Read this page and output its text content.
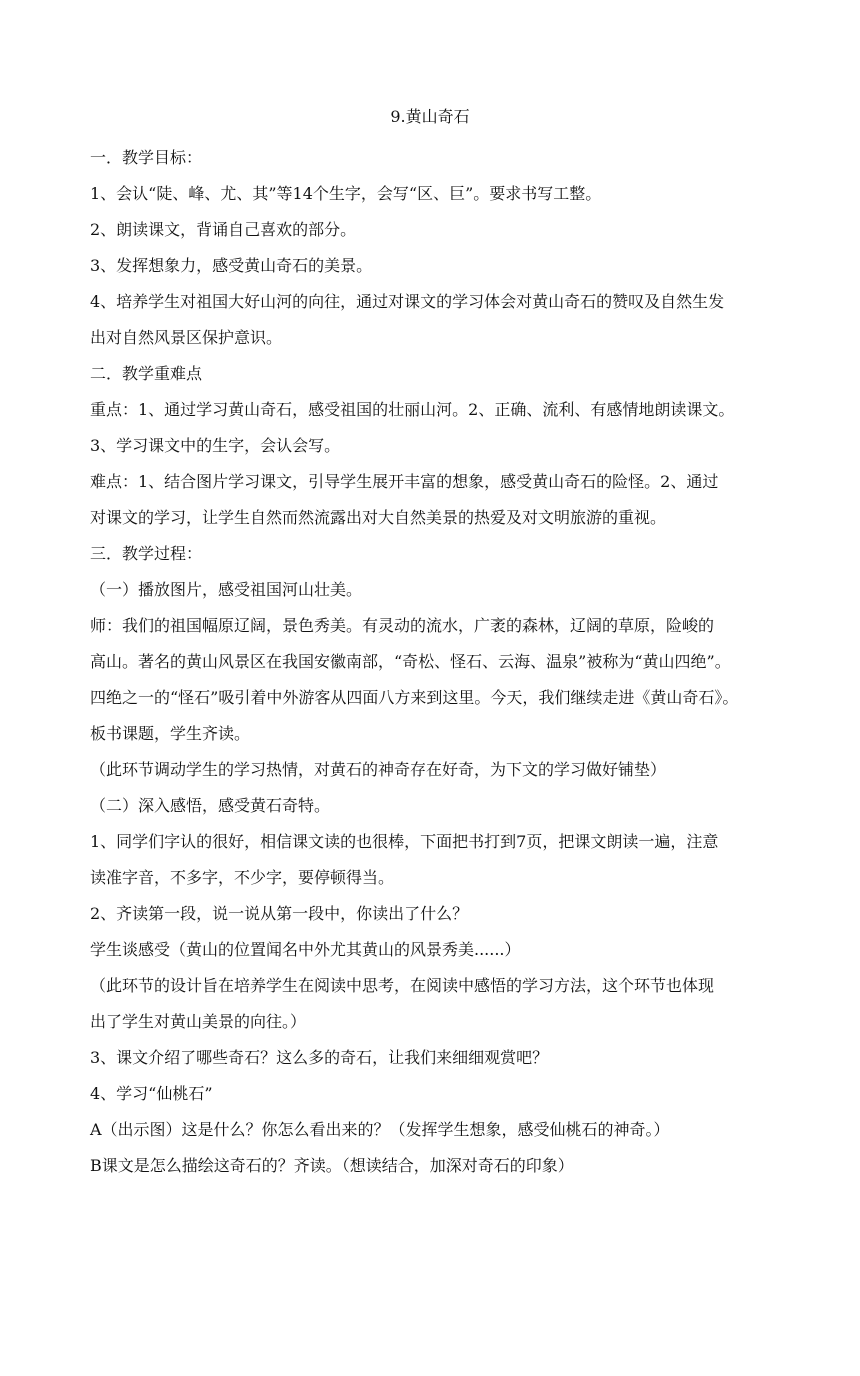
9.黄山奇石

一．教学目标：

1、会认“陡、峰、尤、其”等14个生字，会写“区、巨”。要求书写工整。

2、朗读课文，背诵自己喜欢的部分。

3、发挥想象力，感受黄山奇石的美景。

4、培养学生对祖国大好山河的向往，通过对课文的学习体会对黄山奇石的赞叹及自然生发

出对自然风景区保护意识。

二．教学重难点

重点：1、通过学习黄山奇石，感受祖国的壮丽山河。2、正确、流利、有感情地朗读课文。

3、学习课文中的生字，会认会写。

难点：1、结合图片学习课文，引导学生展开丰富的想象，感受黄山奇石的险怪。2、通过

对课文的学习，让学生自然而然流露出对大自然美景的热爱及对文明旅游的重视。

三．教学过程：

（一）播放图片，感受祖国河山壮美。

师：我们的祖国幅原辽阔，景色秀美。有灵动的流水，广袤的森林，辽阔的草原，险峻的

高山。著名的黄山风景区在我国安徽南部，“奇松、怪石、云海、温泉”被称为“黄山四绝”。

四绝之一的“怪石”吸引着中外游客从四面八方来到这里。今天，我们继续走进《黄山奇石》。

板书课题，学生齐读。

（此环节调动学生的学习热情，对黄石的神奇存在好奇，为下文的学习做好铺垫）

（二）深入感悟，感受黄石奇特。

1、同学们字认的很好，相信课文读的也很棒，下面把书打到7页，把课文朗读一遍，注意

读准字音，不多字，不少字，要停顿得当。

2、齐读第一段，说一说从第一段中，你读出了什么？

学生谈感受（黄山的位置闻名中外尤其黄山的风景秀美......）

（此环节的设计旨在培养学生在阅读中思考，在阅读中感悟的学习方法，这个环节也体现

出了学生对黄山美景的向往。）

3、课文介绍了哪些奇石？这么多的奇石，让我们来细细观赏吧？

4、学习“仙桃石”

A（出示图）这是什么？你怎么看出来的？（发挥学生想象，感受仙桃石的神奇。）

B课文是怎么描绘这奇石的？齐读。（想读结合，加深对奇石的印象）
